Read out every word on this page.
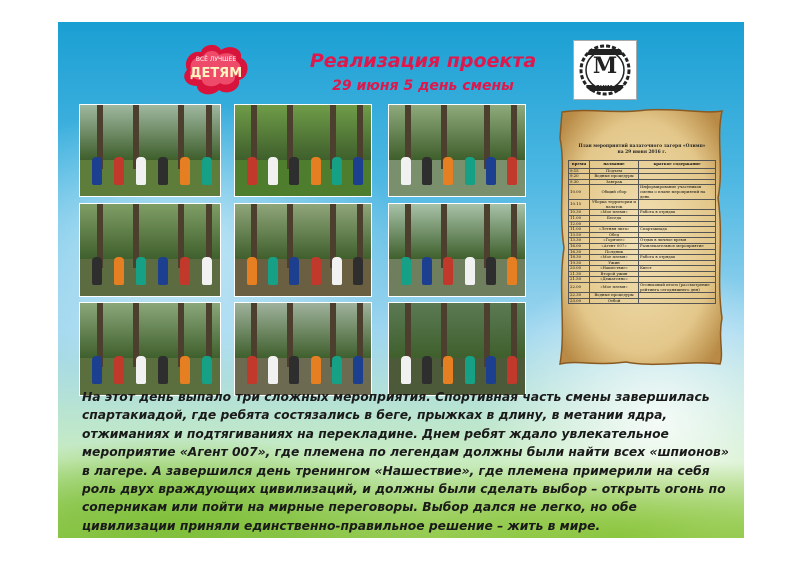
ВСЁ ЛУЧШЕЕ
ДЕТЯМ
Реализация проекта
29 июня 5 день смены
М
МИКС
План мероприятий палаточного лагеря «Олимп»
на 29 июня 2016 г.
время	название	краткое содержание
9.15	Подъем	
9.20	Водные процедуры	
9.30	Завтрак	
10.00	Общий сбор	Информирование участников смены о плане мероприятий на день
10.15	Уборка территории и палаток	
10.30	«Мое племя»	Работа в отрядах
11.00	Беседа	
12.00		
11.00	«Летняя лига»	Спартакиада
13.50	Обед	
13.30	«Горячее»	Отдых в личное время
16.00	«Агент 007»	Развлекательное мероприятие
16.30	Полдник	
18.30	«Мое племя»	Работа в отрядах
19.30	Ужин	
20.00	«Нашествие»	Квест
21.30	Второй ужин	
21.50	«Дежатсяно»	
22.00	«Мое племя»	Огоньковый итоги (рассмотрение рейтинга сегодняшнего дня)
22.30	Водные процедуры	
23.00	Отбой	
На этот день выпало три сложных мероприятия. Спортивная часть смены завершилась спартакиадой, где ребята состязались в беге, прыжках в длину, в метании ядра, отжиманиях и подтягиваниях на перекладине. Днем ребят ждало увлекательное мероприятие «Агент 007», где племена по легендам должны были найти всех «шпионов» в лагере. А завершился день тренингом «Нашествие», где племена примерили на себя роль двух враждующих цивилизаций, и должны были сделать выбор – открыть огонь по соперникам или пойти на мирные переговоры. Выбор дался не легко, но обе цивилизации приняли единственно-правильное решение – жить в мире.
